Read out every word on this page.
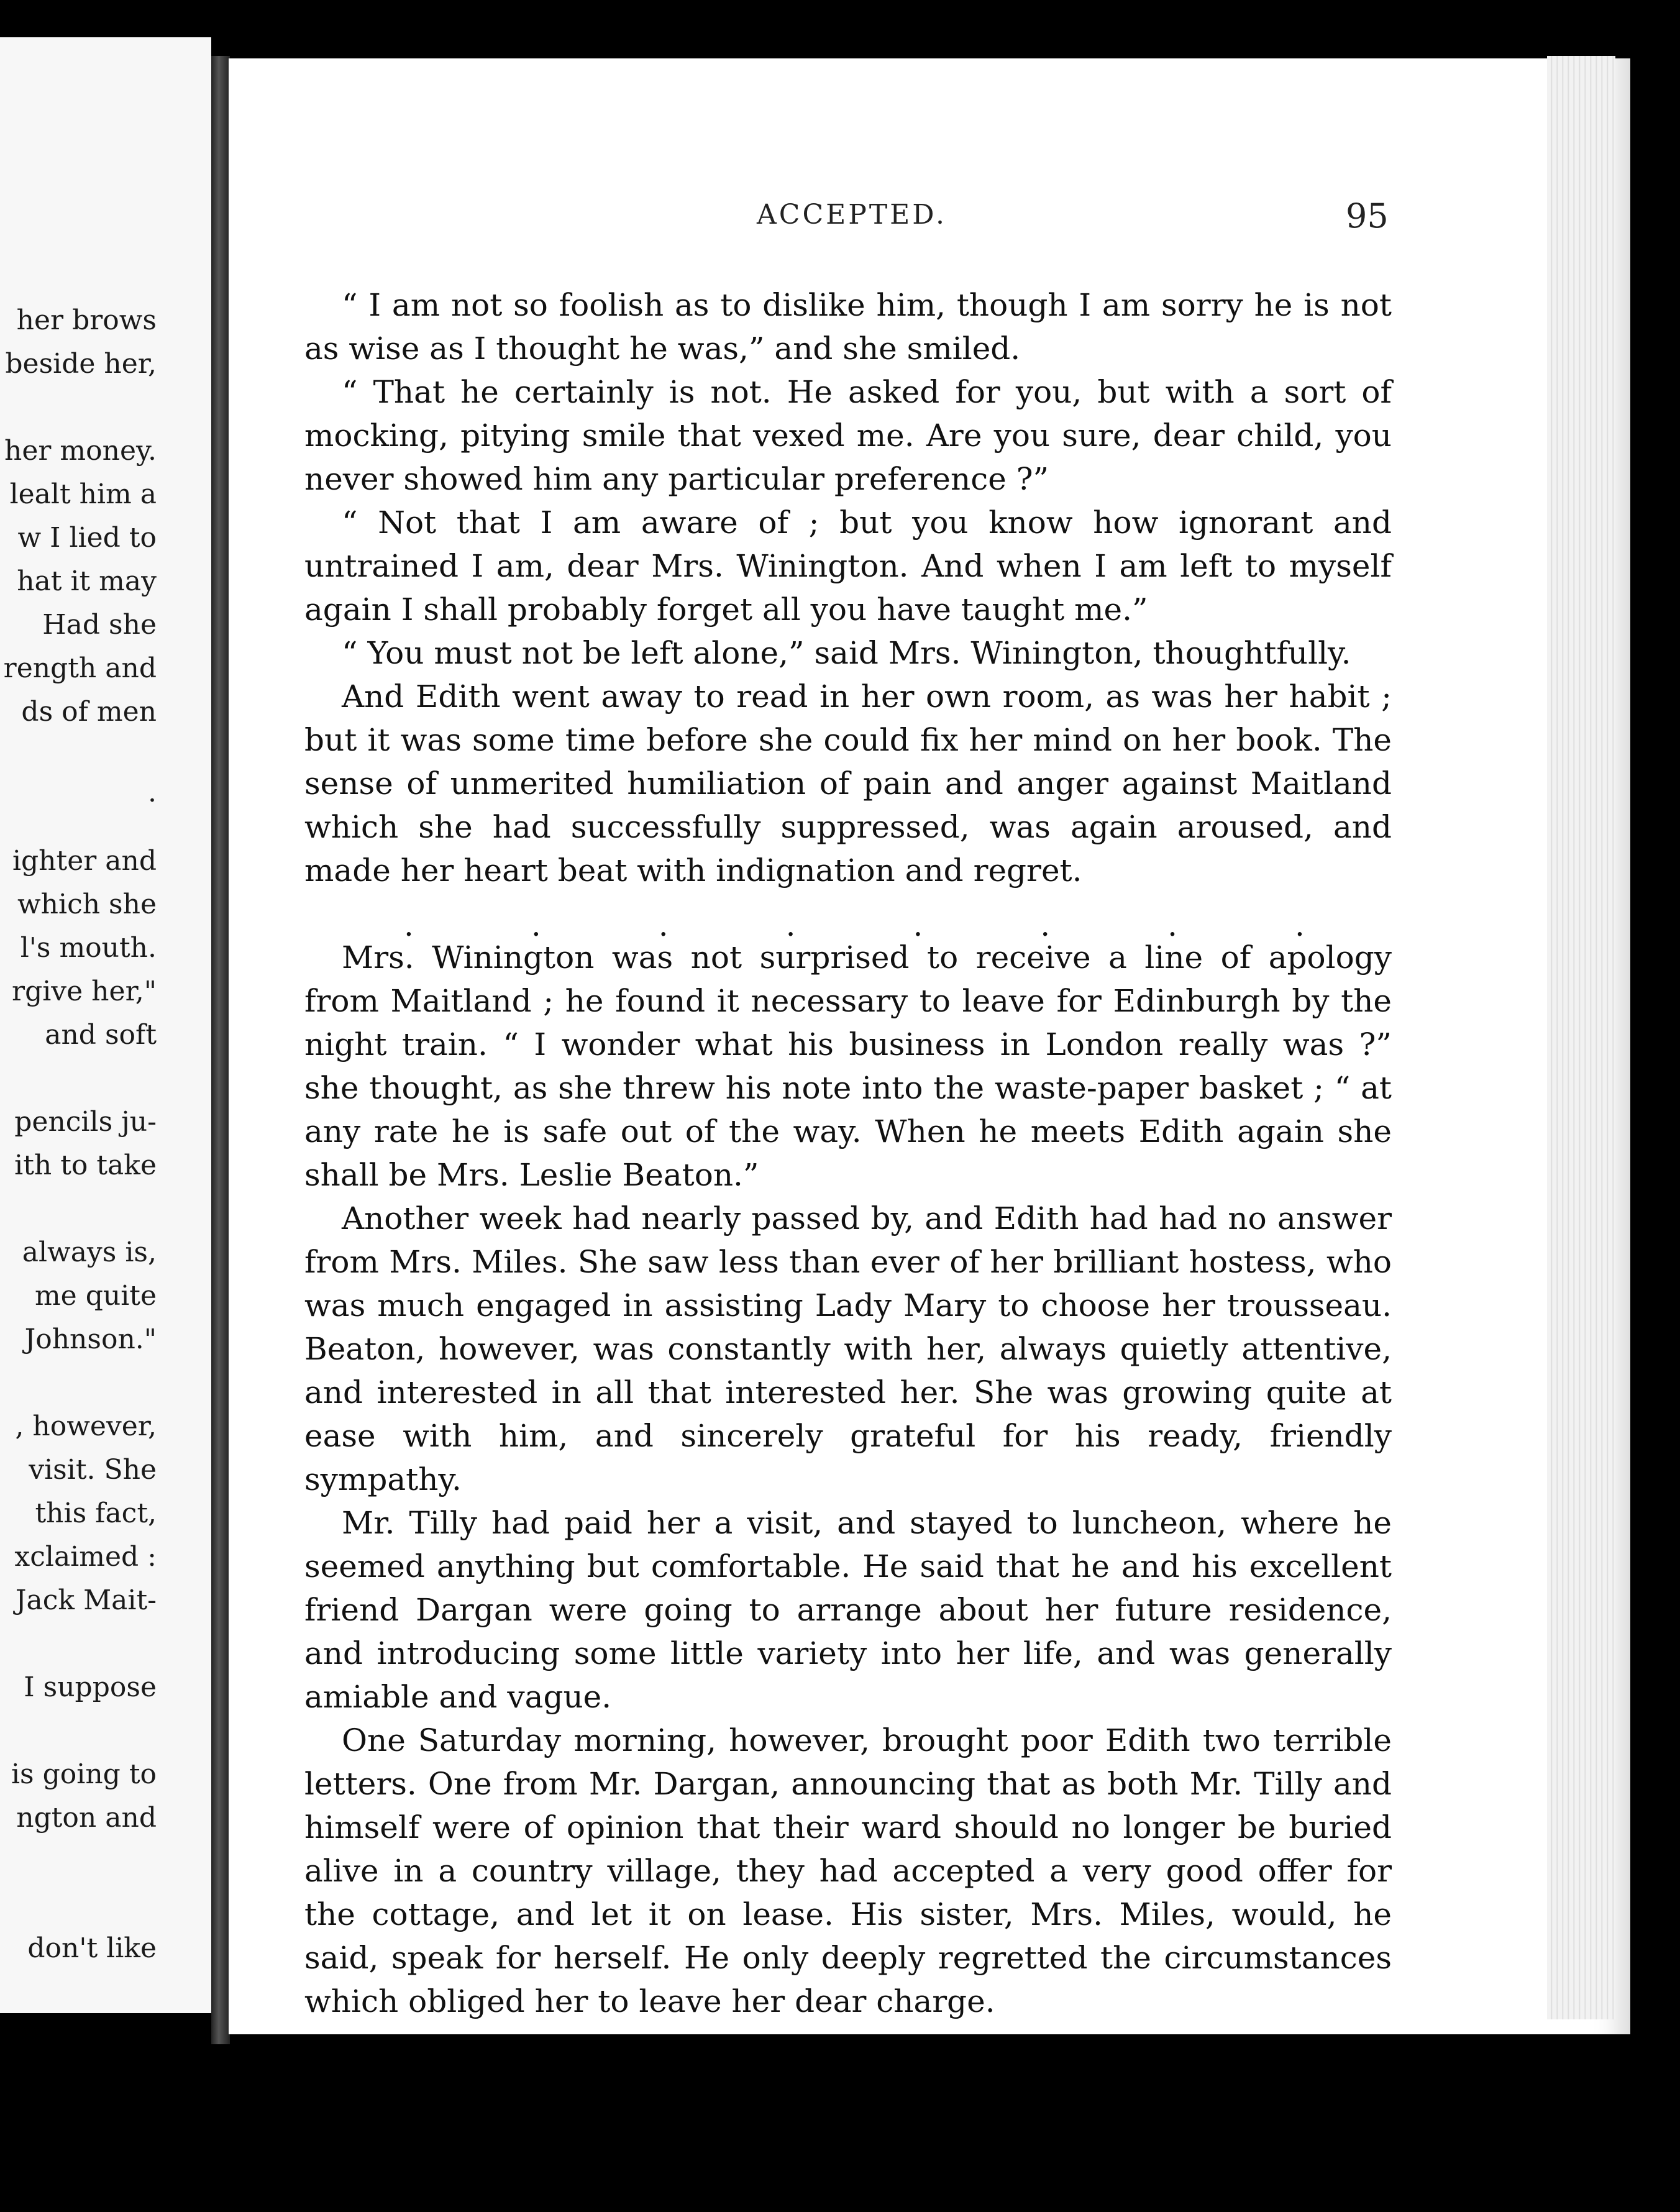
her brows
beside her,
her money.
lealt him a
w I lied to
hat it may
Had she
rength and
ds of men
.
ighter and
which she
l's mouth.
rgive her,"
and soft
pencils ju-
ith to take
always is,
me quite
Johnson."
, however,
visit. She
this fact,
xclaimed :
Jack Mait-
I suppose
is going to
ngton and
don't like
ACCEPTED.	95

“ I am not so foolish as to dislike him, though I am sorry he is not as wise as I thought he was,” and she smiled.

“ That he certainly is not. He asked for you, but with a sort of mocking, pitying smile that vexed me. Are you sure, dear child, you never showed him any particular preference ?”

“ Not that I am aware of ; but you know how ignorant and untrained I am, dear Mrs. Winington. And when I am left to myself again I shall probably forget all you have taught me.”

“ You must not be left alone,” said Mrs. Winington, thoughtfully.

And Edith went away to read in her own room, as was her habit ; but it was some time before she could fix her mind on her book. The sense of unmerited humiliation of pain and anger against Maitland which she had successfully suppressed, was again aroused, and made her heart beat with indignation and regret.

Mrs. Winington was not surprised to receive a line of apology from Maitland ; he found it necessary to leave for Edinburgh by the night train. “ I wonder what his business in London really was ?” she thought, as she threw his note into the waste-paper basket ; “ at any rate he is safe out of the way. When he meets Edith again she shall be Mrs. Leslie Beaton.”

Another week had nearly passed by, and Edith had had no answer from Mrs. Miles. She saw less than ever of her brilliant hostess, who was much engaged in assisting Lady Mary to choose her trousseau. Beaton, however, was constantly with her, always quietly attentive, and interested in all that interested her. She was growing quite at ease with him, and sincerely grateful for his ready, friendly sympathy.

Mr. Tilly had paid her a visit, and stayed to luncheon, where he seemed anything but comfortable. He said that he and his excellent friend Dargan were going to arrange about her future residence, and introducing some little variety into her life, and was generally amiable and vague.

One Saturday morning, however, brought poor Edith two terrible letters. One from Mr. Dargan, announcing that as both Mr. Tilly and himself were of opinion that their ward should no longer be buried alive in a country village, they had accepted a very good offer for the cottage, and let it on lease. His sister, Mrs. Miles, would, he said, speak for herself. He only deeply regretted the circumstances which obliged her to leave her dear charge.

.	.	.	.	.	.	.	.
